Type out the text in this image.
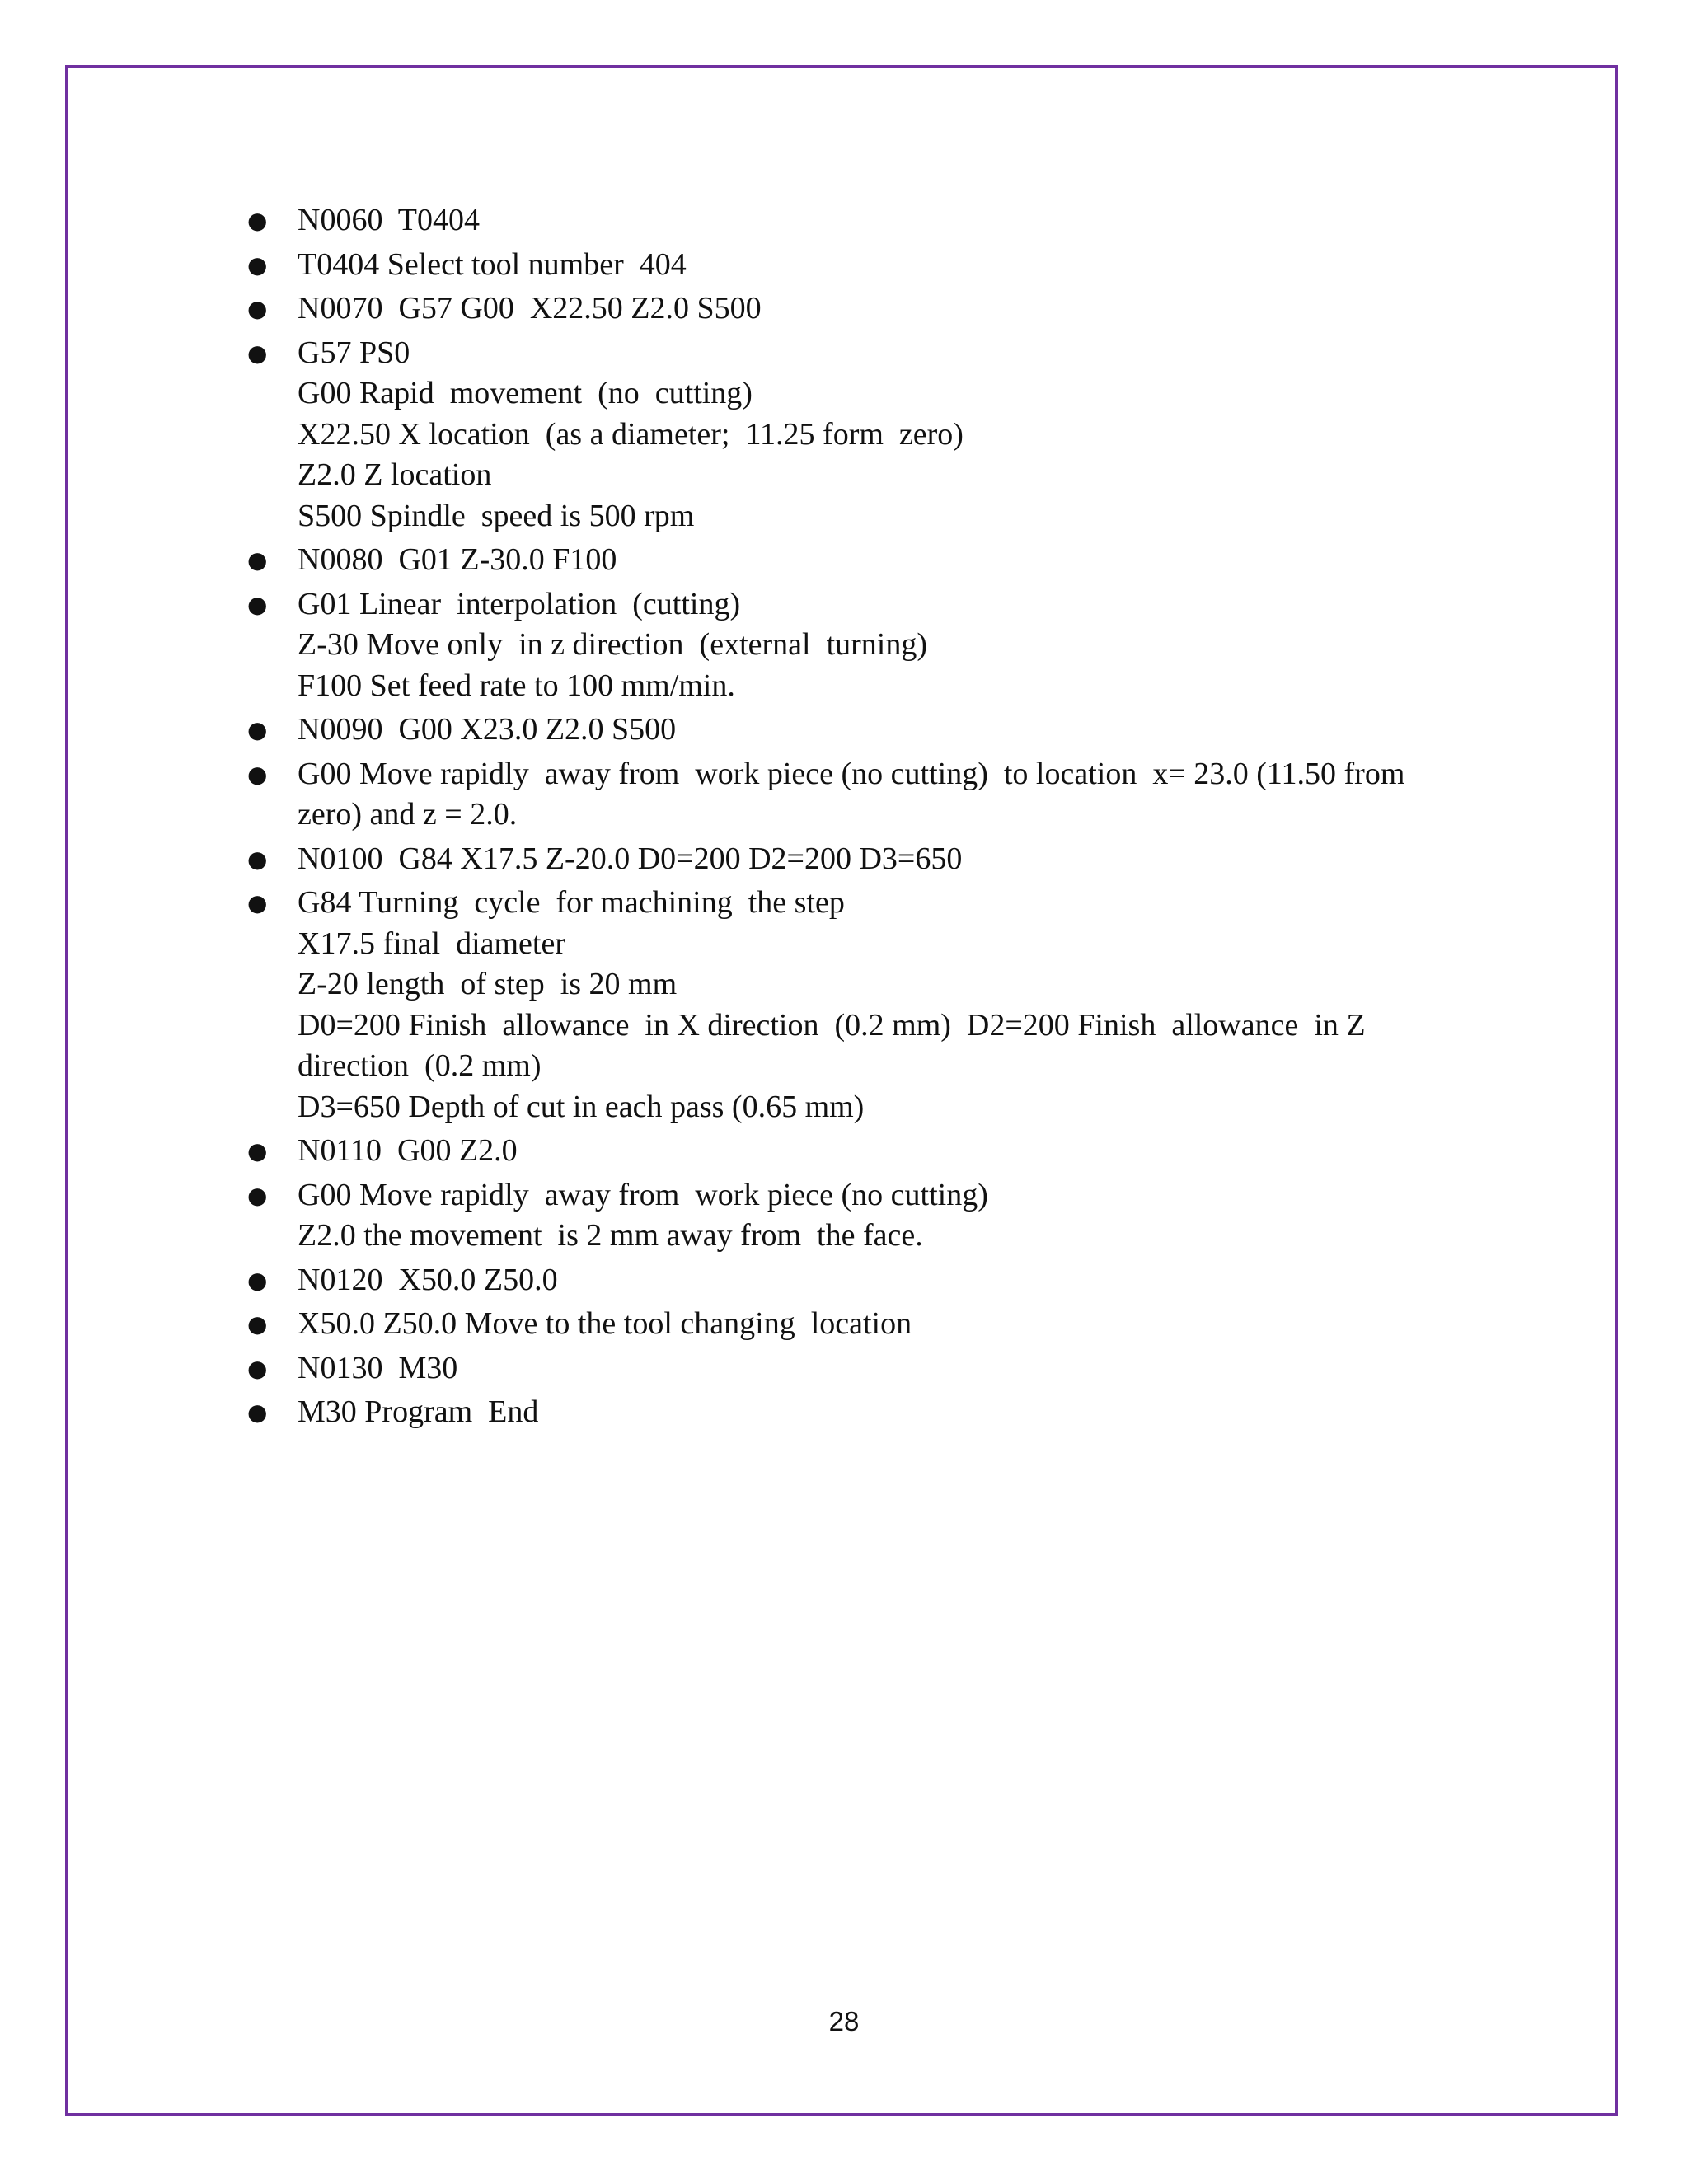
● N0060  T0404
● T0404 Select tool number  404
● N0070  G57 G00  X22.50 Z2.0 S500
● G57 PS0
G00 Rapid  movement  (no  cutting)
X22.50 X location  (as a diameter;  11.25 form  zero)
Z2.0 Z location
S500 Spindle  speed is 500 rpm
● N0080  G01 Z-30.0 F100
● G01 Linear  interpolation  (cutting)
Z-30 Move only  in z direction  (external  turning)
F100 Set feed rate to 100 mm/min.
● N0090  G00 X23.0 Z2.0 S500
● G00 Move rapidly  away from  work piece (no cutting)  to location  x= 23.0 (11.50 from
zero) and z = 2.0.
● N0100  G84 X17.5 Z-20.0 D0=200 D2=200 D3=650
● G84 Turning  cycle  for machining  the step
X17.5 final  diameter
Z-20 length  of step  is 20 mm
D0=200 Finish  allowance  in X direction  (0.2 mm)  D2=200 Finish  allowance  in Z
direction  (0.2 mm)
D3=650 Depth of cut in each pass (0.65 mm)
● N0110  G00 Z2.0
● G00 Move rapidly  away from  work piece (no cutting)
Z2.0 the movement  is 2 mm away from  the face.
● N0120  X50.0 Z50.0
● X50.0 Z50.0 Move to the tool changing  location
● N0130  M30
● M30 Program  End
28
